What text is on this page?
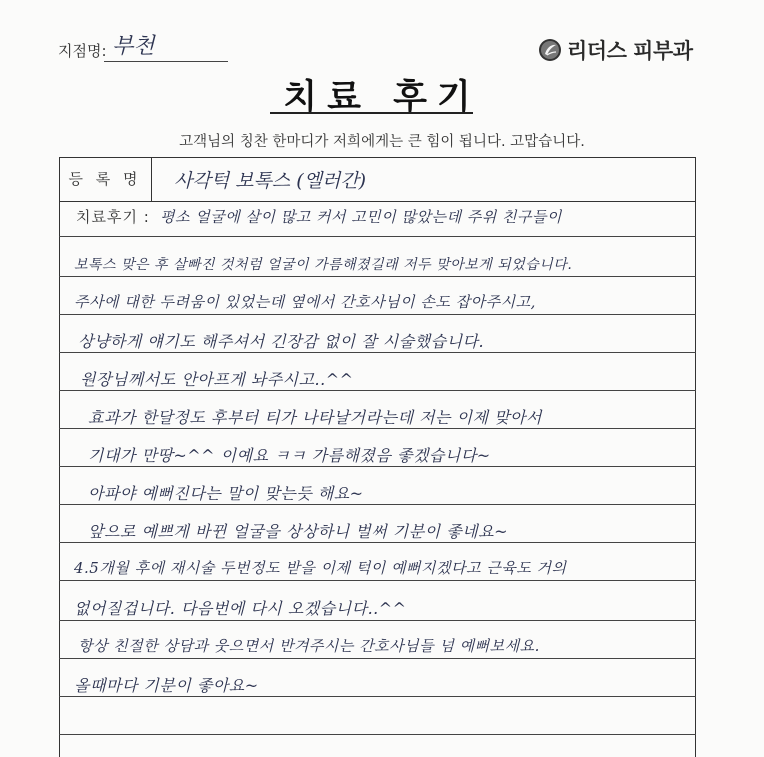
지점명: 부천	리더스 피부과
치료 후기
고객님의 칭찬 한마디가 저희에게는 큰 힘이 됩니다. 고맙습니다.
등 록 명	사각턱 보톡스 (엘러간)
치료후기 : 평소 얼굴에 살이 많고 커서 고민이 많았는데 주위 친구들이
보톡스 맞은 후 살빠진 것처럼 얼굴이 가름해졌길래 저두 맞아보게 되었습니다.
주사에 대한 두려움이 있었는데 옆에서 간호사님이 손도 잡아주시고,
상냥하게 얘기도 해주셔서 긴장감 없이 잘 시술했습니다.
원장님께서도 안아프게 놔주시고..^^
효과가 한달정도 후부터 티가 나타날거라는데 저는 이제 맞아서
기대가 만땅~^^ 이예요 ㅋㅋ 가름해졌음 좋겠습니다~
아파야 예뻐진다는 말이 맞는듯 해요~
앞으로 예쁘게 바뀐 얼굴을 상상하니 벌써 기분이 좋네요~
4.5개월 후에 재시술 두번정도 받을 이제 턱이 예뻐지겠다고 근육도 거의
없어질겁니다. 다음번에 다시 오겠습니다..^^
항상 친절한 상담과 웃으면서 반겨주시는 간호사님들 넘 예뻐보세요.
올때마다 기분이 좋아요~
